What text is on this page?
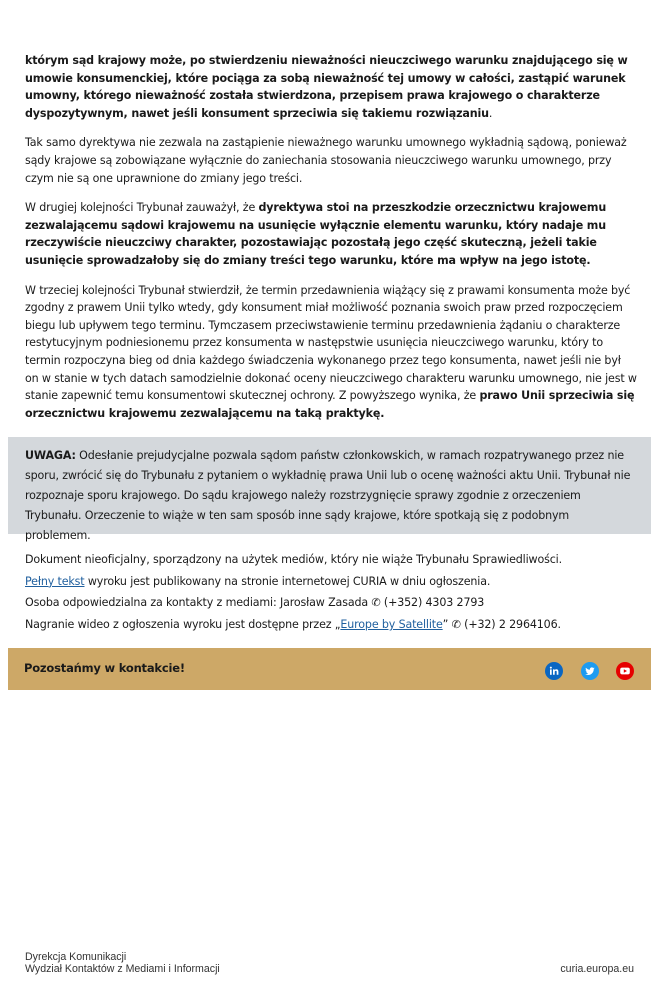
którym sąd krajowy może, po stwierdzeniu nieważności nieuczciwego warunku znajdującego się w umowie konsumenckiej, które pociąga za sobą nieważność tej umowy w całości, zastąpić warunek umowny, którego nieważność została stwierdzona, przepisem prawa krajowego o charakterze dyspozytywnym, nawet jeśli konsument sprzeciwia się takiemu rozwiązaniu.

Tak samo dyrektywa nie zezwala na zastąpienie nieważnego warunku umownego wykładnią sądową, ponieważ sądy krajowe są zobowiązane wyłącznie do zaniechania stosowania nieuczciwego warunku umownego, przy czym nie są one uprawnione do zmiany jego treści.

W drugiej kolejności Trybunał zauważył, że dyrektywa stoi na przeszkodzie orzecznictwu krajowemu zezwalającemu sądowi krajowemu na usunięcie wyłącznie elementu warunku, który nadaje mu rzeczywiście nieuczciwy charakter, pozostawiając pozostałą jego część skuteczną, jeżeli takie usunięcie sprowadzałoby się do zmiany treści tego warunku, które ma wpływ na jego istotę.

W trzeciej kolejności Trybunał stwierdził, że termin przedawnienia wiążący się z prawami konsumenta może być zgodny z prawem Unii tylko wtedy, gdy konsument miał możliwość poznania swoich praw przed rozpoczęciem biegu lub upływem tego terminu. Tymczasem przeciwstawienie terminu przedawnienia żądaniu o charakterze restytucyjnym podniesionemu przez konsumenta w następstwie usunięcia nieuczciwego warunku, który to termin rozpoczyna bieg od dnia każdego świadczenia wykonanego przez tego konsumenta, nawet jeśli nie był on w stanie w tych datach samodzielnie dokonać oceny nieuczciwego charakteru warunku umownego, nie jest w stanie zapewnić temu konsumentowi skutecznej ochrony. Z powyższego wynika, że prawo Unii sprzeciwia się orzecznictwu krajowemu zezwalającemu na taką praktykę.

UWAGA: Odesłanie prejudycjalne pozwala sądom państw członkowskich, w ramach rozpatrywanego przez nie sporu, zwrócić się do Trybunału z pytaniem o wykładnię prawa Unii lub o ocenę ważności aktu Unii. Trybunał nie rozpoznaje sporu krajowego. Do sądu krajowego należy rozstrzygnięcie sprawy zgodnie z orzeczeniem Trybunału. Orzeczenie to wiąże w ten sam sposób inne sądy krajowe, które spotkają się z podobnym problemem.
Dokument nieoficjalny, sporządzony na użytek mediów, który nie wiąże Trybunału Sprawiedliwości.
Pełny tekst wyroku jest publikowany na stronie internetowej CURIA w dniu ogłoszenia.
Osoba odpowiedzialna za kontakty z mediami: Jarosław Zasada ✆ (+352) 4303 2793
Nagranie wideo z ogłoszenia wyroku jest dostępne przez „Europe by Satellite” ✆ (+32) 2 2964106.
Pozostańmy w kontakcie!
Dyrekcja Komunikacji
Wydział Kontaktów z Mediami i Informacji	curia.europa.eu
